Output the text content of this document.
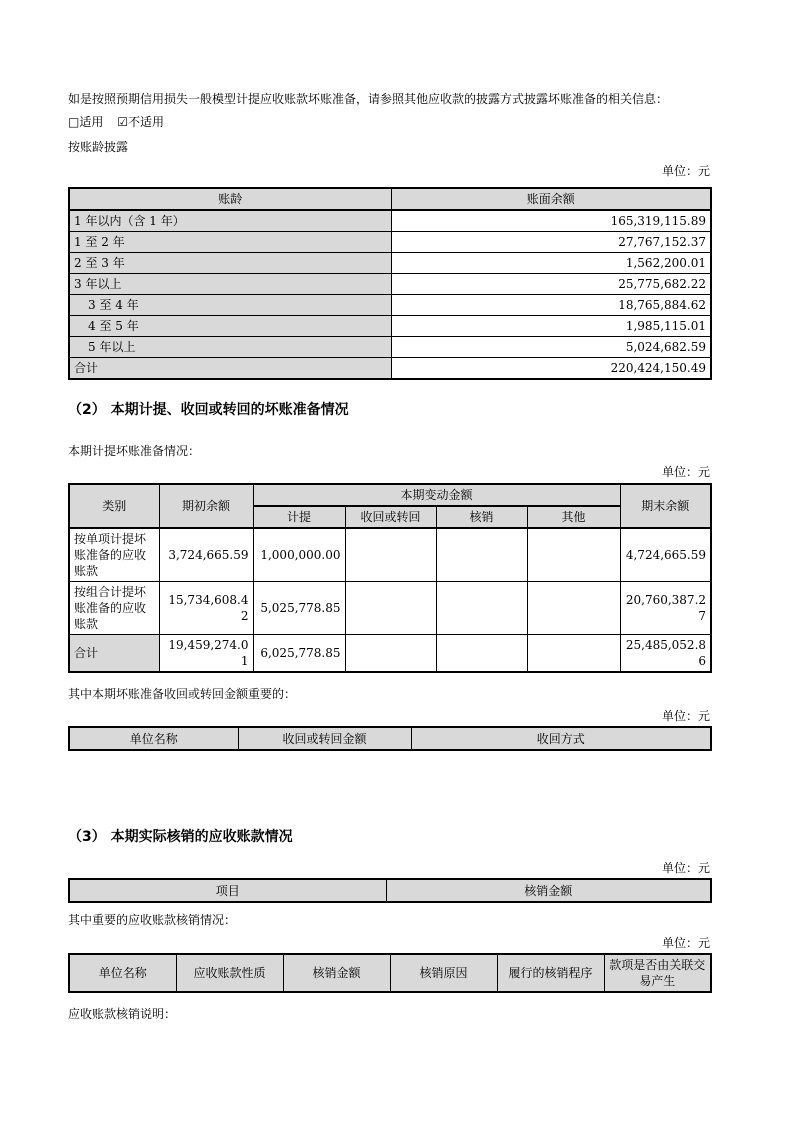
如是按照预期信用损失一般模型计提应收账款坏账准备，请参照其他应收款的披露方式披露坏账准备的相关信息：

□适用 ☑不适用

按账龄披露

单位：元

账龄	账面余额
1 年以内（含 1 年）	165,319,115.89
1 至 2 年	27,767,152.37
2 至 3 年	1,562,200.01
3 年以上	25,775,682.22
3 至 4 年	18,765,884.62
4 至 5 年	1,985,115.01
5 年以上	5,024,682.59
合计	220,424,150.49
（2） 本期计提、收回或转回的坏账准备情况

本期计提坏账准备情况：

单位：元

类别	期初余额	本期变动金额				期末余额
		计提	收回或转回	核销	其他	
按单项计提坏账准备的应收账款	3,724,665.59	1,000,000.00				4,724,665.59
按组合计提坏账准备的应收账款	15,734,608.42	5,025,778.85				20,760,387.27
合计	19,459,274.01	6,025,778.85				25,485,052.86

其中本期坏账准备收回或转回金额重要的：

单位：元

单位名称	收回或转回金额	收回方式
（3） 本期实际核销的应收账款情况

单位：元

项目	核销金额

其中重要的应收账款核销情况：

单位：元

单位名称	应收账款性质	核销金额	核销原因	履行的核销程序	款项是否由关联交易产生

应收账款核销说明：
